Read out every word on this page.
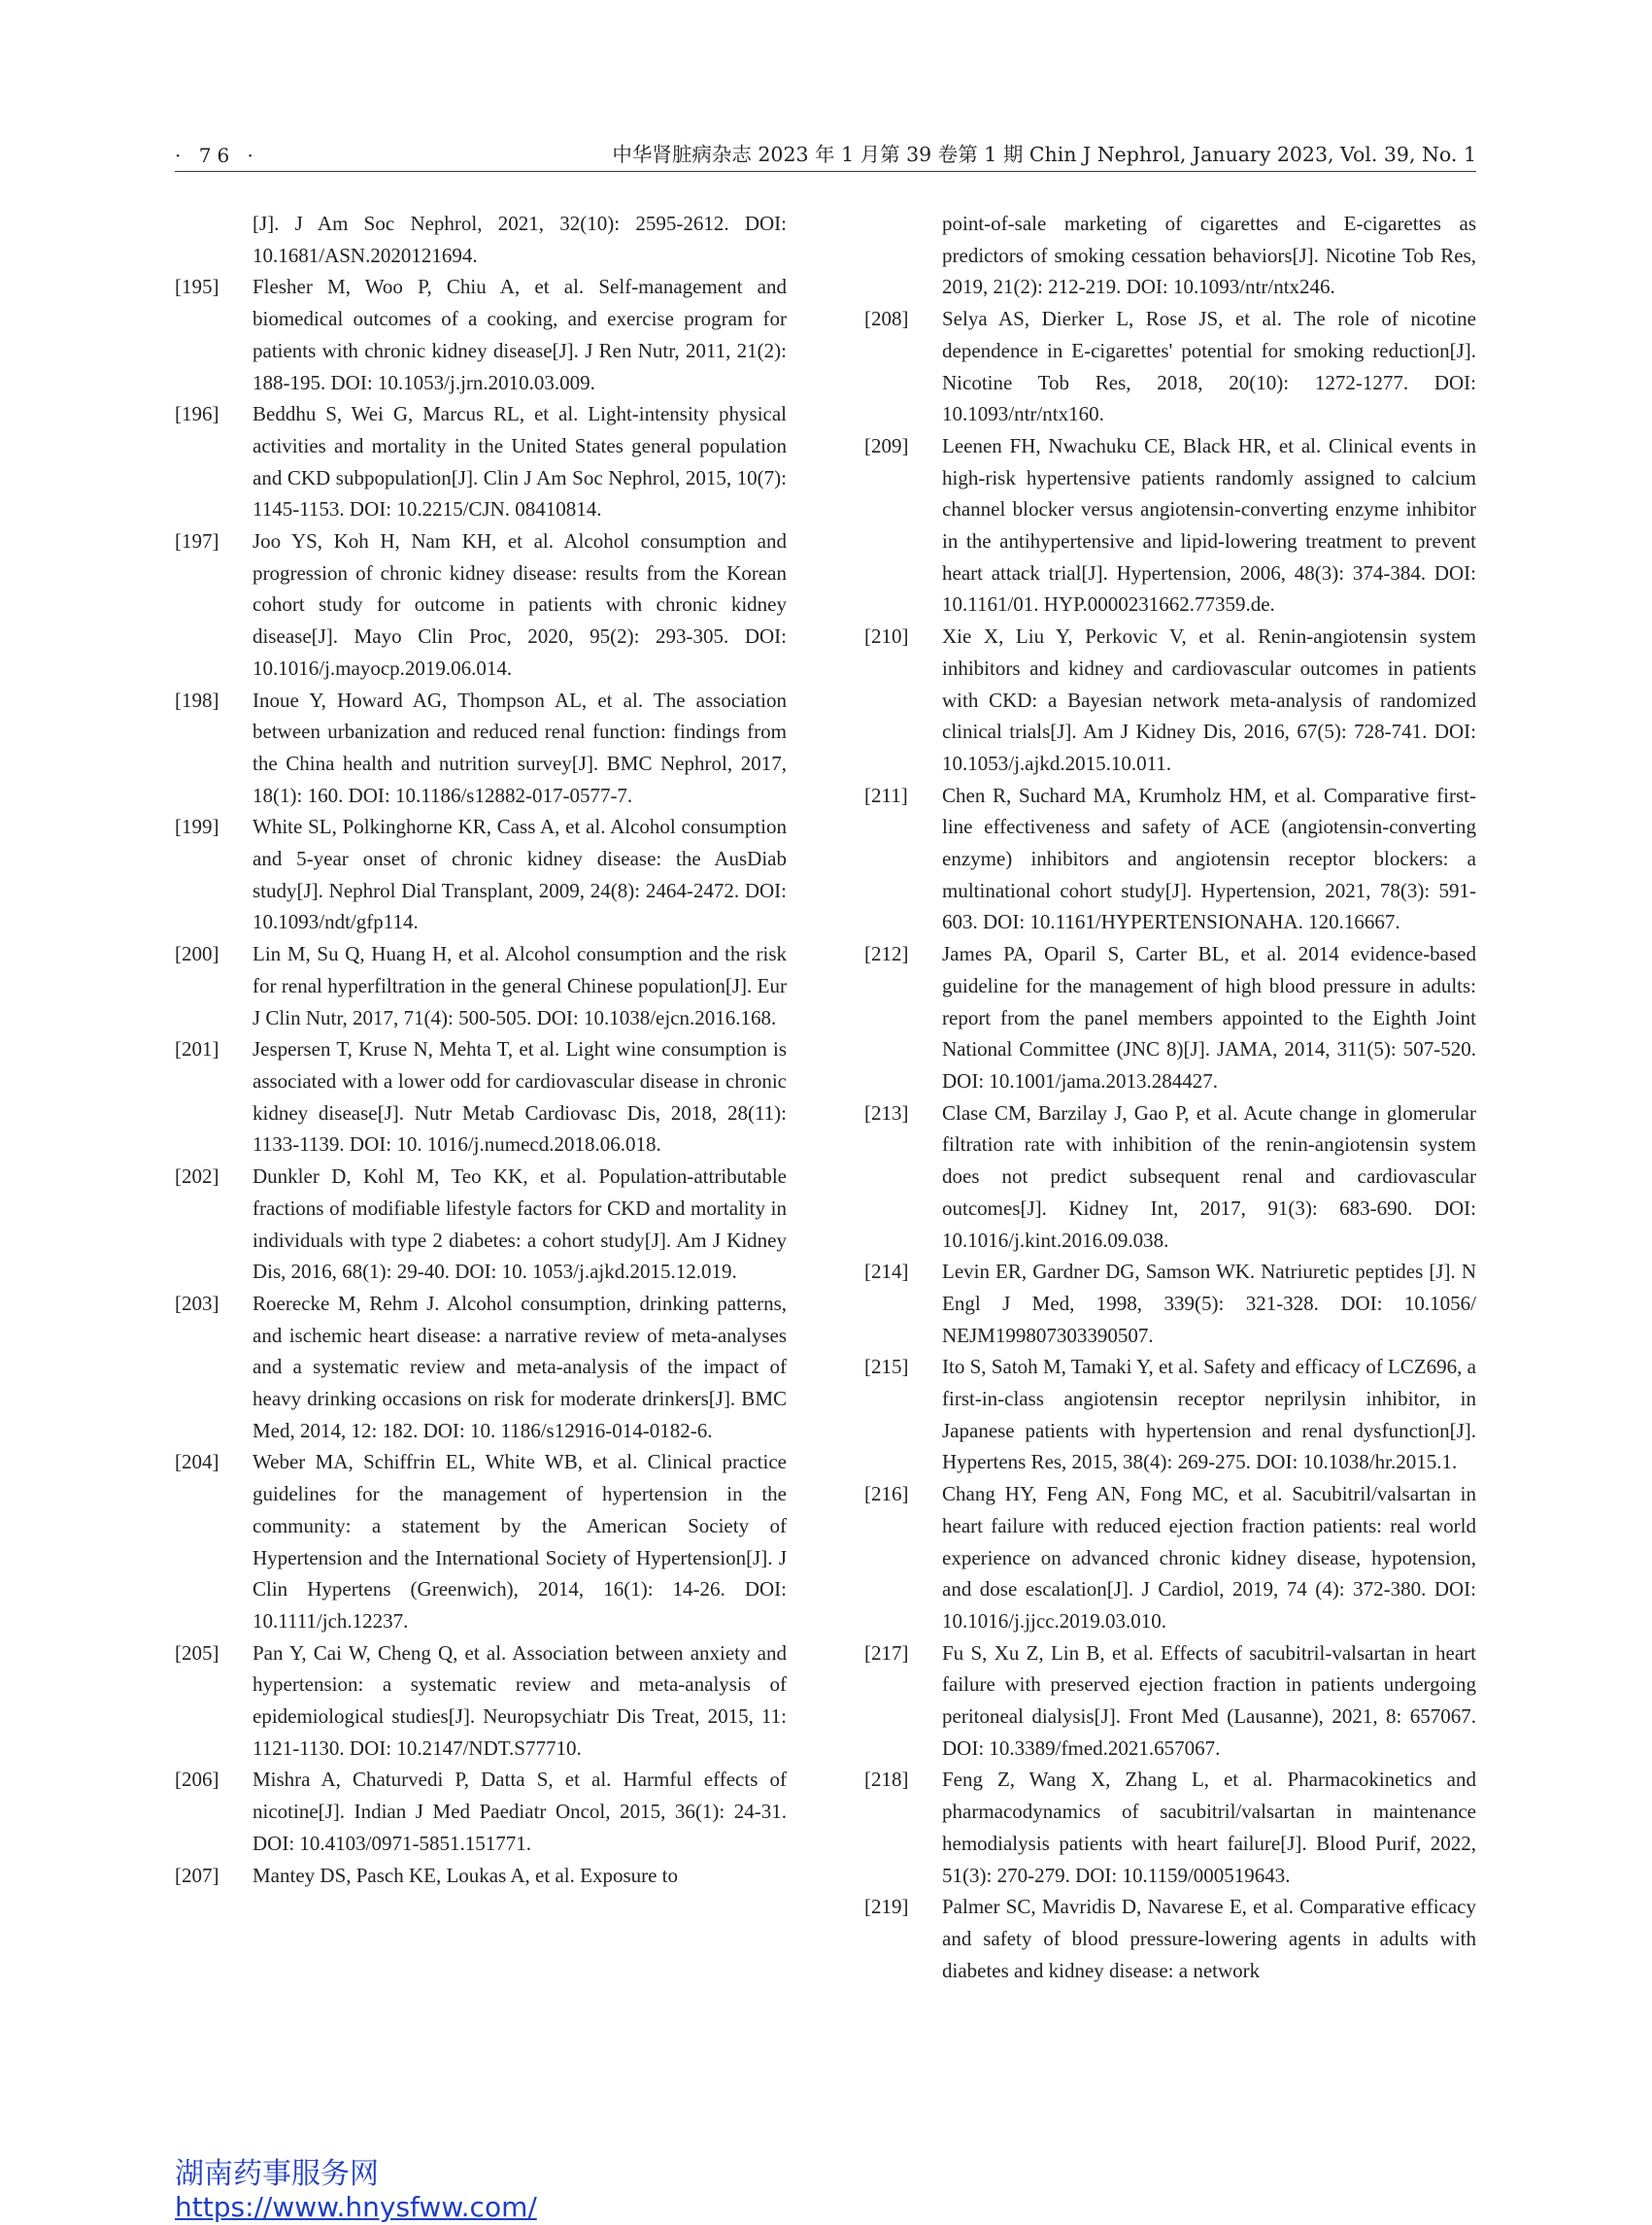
· 76 ·	中华肾脏病杂志 2023 年 1 月第 39 卷第 1 期 Chin J Nephrol, January 2023, Vol. 39, No. 1
[J]. J Am Soc Nephrol, 2021, 32(10): 2595-2612. DOI: 10.1681/ASN.2020121694.
[195]	Flesher M, Woo P, Chiu A, et al. Self-management and biomedical outcomes of a cooking, and exercise program for patients with chronic kidney disease[J]. J Ren Nutr, 2011, 21(2): 188-195. DOI: 10.1053/j.jrn.2010.03.009.
[196]	Beddhu S, Wei G, Marcus RL, et al. Light-intensity physical activities and mortality in the United States general population and CKD subpopulation[J]. Clin J Am Soc Nephrol, 2015, 10(7): 1145-1153. DOI: 10.2215/CJN. 08410814.
[197]	Joo YS, Koh H, Nam KH, et al. Alcohol consumption and progression of chronic kidney disease: results from the Korean cohort study for outcome in patients with chronic kidney disease[J]. Mayo Clin Proc, 2020, 95(2): 293-305. DOI: 10.1016/j.mayocp.2019.06.014.
[198]	Inoue Y, Howard AG, Thompson AL, et al. The association between urbanization and reduced renal function: findings from the China health and nutrition survey[J]. BMC Nephrol, 2017, 18(1): 160. DOI: 10.1186/s12882-017-0577-7.
[199]	White SL, Polkinghorne KR, Cass A, et al. Alcohol consumption and 5-year onset of chronic kidney disease: the AusDiab study[J]. Nephrol Dial Transplant, 2009, 24(8): 2464-2472. DOI: 10.1093/ndt/gfp114.
[200]	Lin M, Su Q, Huang H, et al. Alcohol consumption and the risk for renal hyperfiltration in the general Chinese population[J]. Eur J Clin Nutr, 2017, 71(4): 500-505. DOI: 10.1038/ejcn.2016.168.
[201]	Jespersen T, Kruse N, Mehta T, et al. Light wine consumption is associated with a lower odd for cardiovascular disease in chronic kidney disease[J]. Nutr Metab Cardiovasc Dis, 2018, 28(11): 1133-1139. DOI: 10. 1016/j.numecd.2018.06.018.
[202]	Dunkler D, Kohl M, Teo KK, et al. Population-attributable fractions of modifiable lifestyle factors for CKD and mortality in individuals with type 2 diabetes: a cohort study[J]. Am J Kidney Dis, 2016, 68(1): 29-40. DOI: 10. 1053/j.ajkd.2015.12.019.
[203]	Roerecke M, Rehm J. Alcohol consumption, drinking patterns, and ischemic heart disease: a narrative review of meta-analyses and a systematic review and meta-analysis of the impact of heavy drinking occasions on risk for moderate drinkers[J]. BMC Med, 2014, 12: 182. DOI: 10. 1186/s12916-014-0182-6.
[204]	Weber MA, Schiffrin EL, White WB, et al. Clinical practice guidelines for the management of hypertension in the community: a statement by the American Society of Hypertension and the International Society of Hypertension[J]. J Clin Hypertens (Greenwich), 2014, 16(1): 14-26. DOI: 10.1111/jch.12237.
[205]	Pan Y, Cai W, Cheng Q, et al. Association between anxiety and hypertension: a systematic review and meta-analysis of epidemiological studies[J]. Neuropsychiatr Dis Treat, 2015, 11: 1121-1130. DOI: 10.2147/NDT.S77710.
[206]	Mishra A, Chaturvedi P, Datta S, et al. Harmful effects of nicotine[J]. Indian J Med Paediatr Oncol, 2015, 36(1): 24-31. DOI: 10.4103/0971-5851.151771.
[207]	Mantey DS, Pasch KE, Loukas A, et al. Exposure to
point-of-sale marketing of cigarettes and E-cigarettes as predictors of smoking cessation behaviors[J]. Nicotine Tob Res, 2019, 21(2): 212-219. DOI: 10.1093/ntr/ntx246.
[208]	Selya AS, Dierker L, Rose JS, et al. The role of nicotine dependence in E-cigarettes' potential for smoking reduction[J]. Nicotine Tob Res, 2018, 20(10): 1272-1277. DOI: 10.1093/ntr/ntx160.
[209]	Leenen FH, Nwachuku CE, Black HR, et al. Clinical events in high-risk hypertensive patients randomly assigned to calcium channel blocker versus angiotensin-converting enzyme inhibitor in the antihypertensive and lipid-lowering treatment to prevent heart attack trial[J]. Hypertension, 2006, 48(3): 374-384. DOI: 10.1161/01. HYP.0000231662.77359.de.
[210]	Xie X, Liu Y, Perkovic V, et al. Renin-angiotensin system inhibitors and kidney and cardiovascular outcomes in patients with CKD: a Bayesian network meta-analysis of randomized clinical trials[J]. Am J Kidney Dis, 2016, 67(5): 728-741. DOI: 10.1053/j.ajkd.2015.10.011.
[211]	Chen R, Suchard MA, Krumholz HM, et al. Comparative first-line effectiveness and safety of ACE (angiotensin-converting enzyme) inhibitors and angiotensin receptor blockers: a multinational cohort study[J]. Hypertension, 2021, 78(3): 591-603. DOI: 10.1161/HYPERTENSIONAHA. 120.16667.
[212]	James PA, Oparil S, Carter BL, et al. 2014 evidence-based guideline for the management of high blood pressure in adults: report from the panel members appointed to the Eighth Joint National Committee (JNC 8)[J]. JAMA, 2014, 311(5): 507-520. DOI: 10.1001/jama.2013.284427.
[213]	Clase CM, Barzilay J, Gao P, et al. Acute change in glomerular filtration rate with inhibition of the renin-angiotensin system does not predict subsequent renal and cardiovascular outcomes[J]. Kidney Int, 2017, 91(3): 683-690. DOI: 10.1016/j.kint.2016.09.038.
[214]	Levin ER, Gardner DG, Samson WK. Natriuretic peptides [J]. N Engl J Med, 1998, 339(5): 321-328. DOI: 10.1056/ NEJM199807303390507.
[215]	Ito S, Satoh M, Tamaki Y, et al. Safety and efficacy of LCZ696, a first-in-class angiotensin receptor neprilysin inhibitor, in Japanese patients with hypertension and renal dysfunction[J]. Hypertens Res, 2015, 38(4): 269-275. DOI: 10.1038/hr.2015.1.
[216]	Chang HY, Feng AN, Fong MC, et al. Sacubitril/valsartan in heart failure with reduced ejection fraction patients: real world experience on advanced chronic kidney disease, hypotension, and dose escalation[J]. J Cardiol, 2019, 74 (4): 372-380. DOI: 10.1016/j.jjcc.2019.03.010.
[217]	Fu S, Xu Z, Lin B, et al. Effects of sacubitril-valsartan in heart failure with preserved ejection fraction in patients undergoing peritoneal dialysis[J]. Front Med (Lausanne), 2021, 8: 657067. DOI: 10.3389/fmed.2021.657067.
[218]	Feng Z, Wang X, Zhang L, et al. Pharmacokinetics and pharmacodynamics of sacubitril/valsartan in maintenance hemodialysis patients with heart failure[J]. Blood Purif, 2022, 51(3): 270-279. DOI: 10.1159/000519643.
[219]	Palmer SC, Mavridis D, Navarese E, et al. Comparative efficacy and safety of blood pressure-lowering agents in adults with diabetes and kidney disease: a network
湖南药事服务网
https://www.hnysfww.com/
